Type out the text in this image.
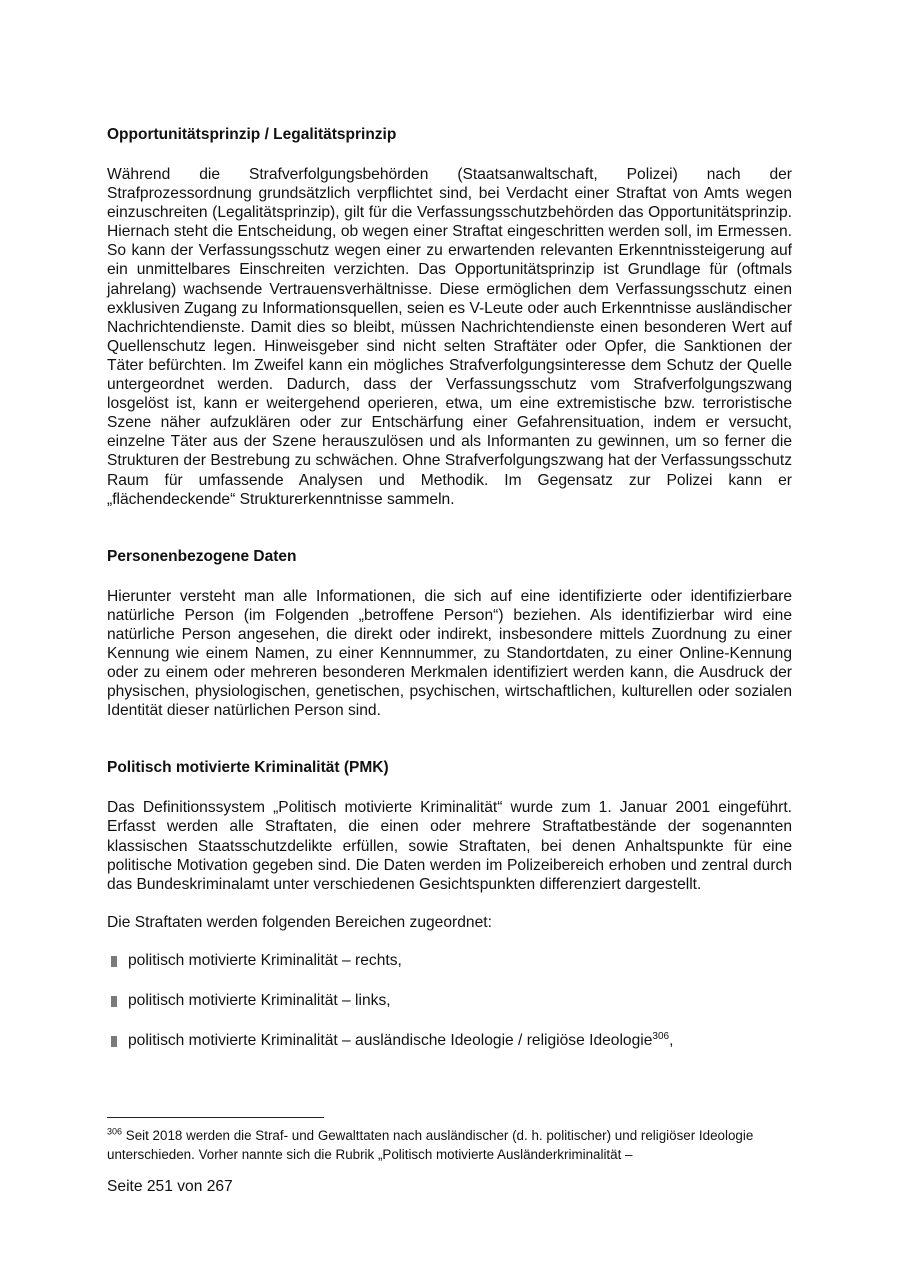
Opportunitätsprinzip / Legalitätsprinzip

Während die Strafverfolgungsbehörden (Staatsanwaltschaft, Polizei) nach der Strafprozessordnung grundsätzlich verpflichtet sind, bei Verdacht einer Straftat von Amts wegen einzuschreiten (Legalitätsprinzip), gilt für die Verfassungsschutzbehörden das Opportunitätsprinzip. Hiernach steht die Entscheidung, ob wegen einer Straftat eingeschritten werden soll, im Ermessen. So kann der Verfassungsschutz wegen einer zu erwartenden relevanten Erkenntnissteigerung auf ein unmittelbares Einschreiten verzichten. Das Opportunitätsprinzip ist Grundlage für (oftmals jahrelang) wachsende Vertrauensverhältnisse. Diese ermöglichen dem Verfassungsschutz einen exklusiven Zugang zu Informationsquellen, seien es V-Leute oder auch Erkenntnisse ausländischer Nachrichtendienste. Damit dies so bleibt, müssen Nachrichtendienste einen besonderen Wert auf Quellenschutz legen. Hinweisgeber sind nicht selten Straftäter oder Opfer, die Sanktionen der Täter befürchten. Im Zweifel kann ein mögliches Strafverfolgungsinteresse dem Schutz der Quelle untergeordnet werden. Dadurch, dass der Verfassungsschutz vom Strafverfolgungszwang losgelöst ist, kann er weitergehend operieren, etwa, um eine extremistische bzw. terroristische Szene näher aufzuklären oder zur Entschärfung einer Gefahrensituation, indem er versucht, einzelne Täter aus der Szene herauszulösen und als Informanten zu gewinnen, um so ferner die Strukturen der Bestrebung zu schwächen. Ohne Strafverfolgungszwang hat der Verfassungsschutz Raum für umfassende Analysen und Methodik. Im Gegensatz zur Polizei kann er „flächendeckende“ Strukturerkenntnisse sammeln.

Personenbezogene Daten

Hierunter versteht man alle Informationen, die sich auf eine identifizierte oder identifizierbare natürliche Person (im Folgenden „betroffene Person“) beziehen. Als identifizierbar wird eine natürliche Person angesehen, die direkt oder indirekt, insbesondere mittels Zuordnung zu einer Kennung wie einem Namen, zu einer Kennnummer, zu Standortdaten, zu einer Online-Kennung oder zu einem oder mehreren besonderen Merkmalen identifiziert werden kann, die Ausdruck der physischen, physiologischen, genetischen, psychischen, wirtschaftlichen, kulturellen oder sozialen Identität dieser natürlichen Person sind.

Politisch motivierte Kriminalität (PMK)

Das Definitionssystem „Politisch motivierte Kriminalität“ wurde zum 1. Januar 2001 eingeführt. Erfasst werden alle Straftaten, die einen oder mehrere Straftatbestände der sogenannten klassischen Staatsschutzdelikte erfüllen, sowie Straftaten, bei denen Anhaltspunkte für eine politische Motivation gegeben sind. Die Daten werden im Polizeibereich erhoben und zentral durch das Bundeskriminalamt unter verschiedenen Gesichtspunkten differenziert dargestellt.

Die Straftaten werden folgenden Bereichen zugeordnet:

politisch motivierte Kriminalität – rechts,
politisch motivierte Kriminalität – links,
politisch motivierte Kriminalität – ausländische Ideologie / religiöse Ideologie$^{306}$,
$^{306}$ Seit 2018 werden die Straf- und Gewalttaten nach ausländischer (d. h. politischer) und religiöser Ideologie unterschieden. Vorher nannte sich die Rubrik „Politisch motivierte Ausländerkriminalität –
Seite 251 von 267
